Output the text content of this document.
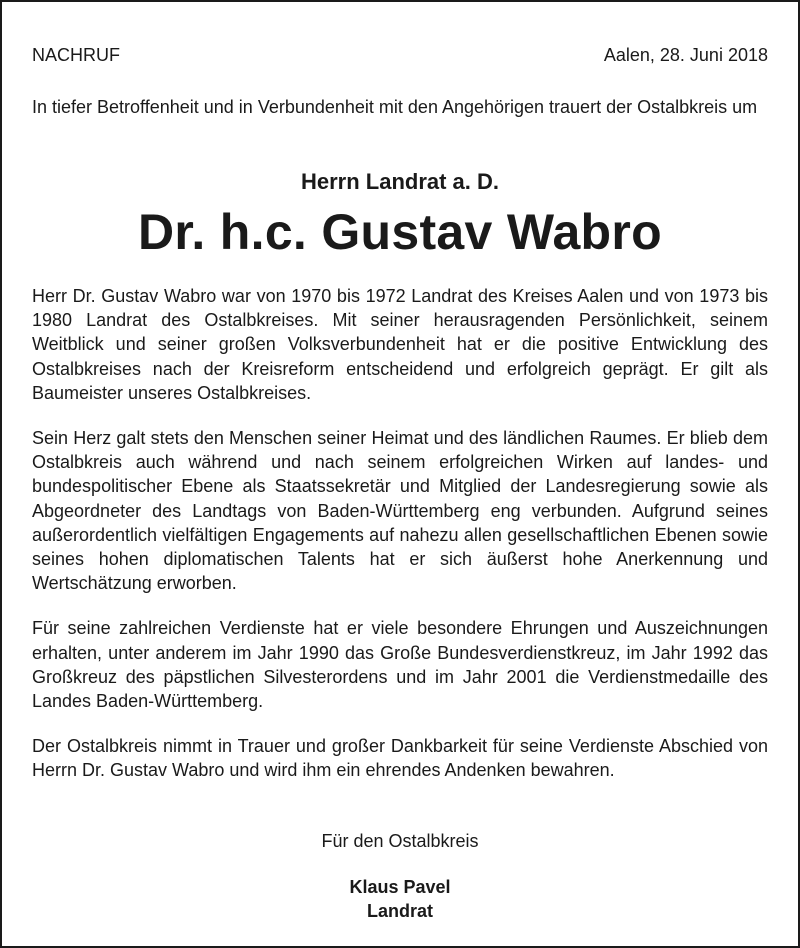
NACHRUF	Aalen, 28. Juni 2018
In tiefer Betroffenheit und in Verbundenheit mit den Angehörigen trauert der Ostalbkreis um
Herrn Landrat a. D.
Dr. h.c. Gustav Wabro

Herr Dr. Gustav Wabro war von 1970 bis 1972 Landrat des Kreises Aalen und von 1973 bis 1980 Landrat des Ostalbkreises. Mit seiner herausragenden Persönlichkeit, seinem Weitblick und seiner großen Volksverbundenheit hat er die positive Entwicklung des Ostalbkreises nach der Kreisreform entscheidend und erfolgreich geprägt. Er gilt als Baumeister unseres Ostalbkreises.

Sein Herz galt stets den Menschen seiner Heimat und des ländlichen Raumes. Er blieb dem Ostalbkreis auch während und nach seinem erfolgreichen Wirken auf landes- und bundespolitischer Ebene als Staatssekretär und Mitglied der Landesregierung sowie als Abgeordneter des Landtags von Baden-Württemberg eng verbunden. Aufgrund seines außerordentlich vielfältigen Engagements auf nahezu allen gesellschaftlichen Ebenen sowie seines hohen diplomatischen Talents hat er sich äußerst hohe Anerkennung und Wertschätzung erworben.

Für seine zahlreichen Verdienste hat er viele besondere Ehrungen und Auszeichnungen erhalten, unter anderem im Jahr 1990 das Große Bundesverdienstkreuz, im Jahr 1992 das Großkreuz des päpstlichen Silvesterordens und im Jahr 2001 die Verdienstmedaille des Landes Baden-Württemberg.

Der Ostalbkreis nimmt in Trauer und großer Dankbarkeit für seine Verdienste Abschied von Herrn Dr. Gustav Wabro und wird ihm ein ehrendes Andenken bewahren.

Für den Ostalbkreis
Klaus Pavel
Landrat
